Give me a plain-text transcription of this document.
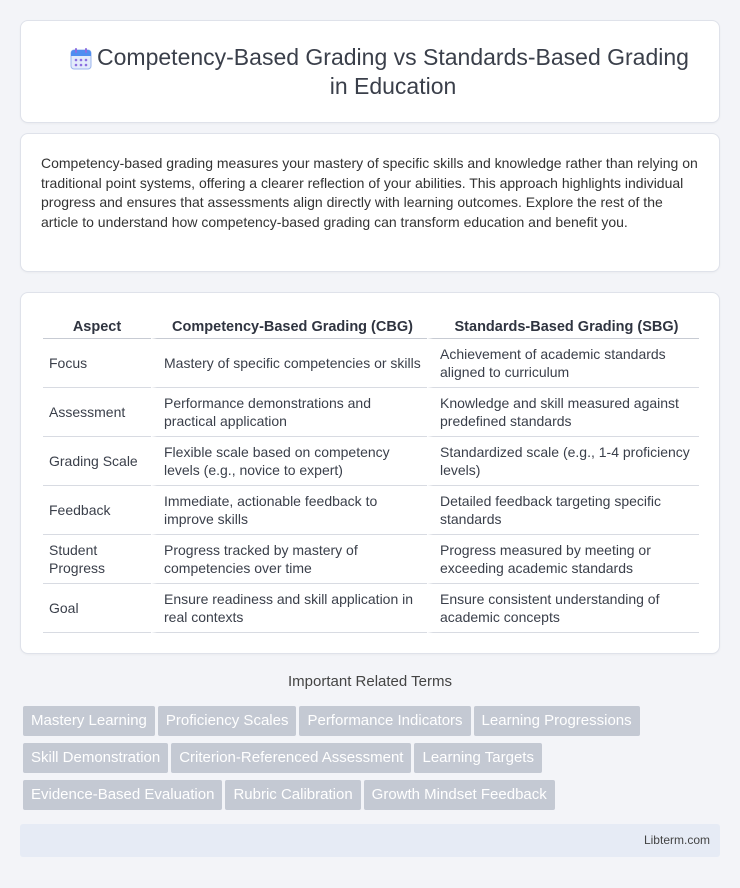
Competency-Based Grading vs Standards-Based Grading in Education

Competency-based grading measures your mastery of specific skills and knowledge rather than relying on traditional point systems, offering a clearer reflection of your abilities. This approach highlights individual progress and ensures that assessments align directly with learning outcomes. Explore the rest of the article to understand how competency-based grading can transform education and benefit you.

Aspect	Competency-Based Grading (CBG)	Standards-Based Grading (SBG)
Focus	Mastery of specific competencies or skills	Achievement of academic standards aligned to curriculum
Assessment	Performance demonstrations and practical application	Knowledge and skill measured against predefined standards
Grading Scale	Flexible scale based on competency levels (e.g., novice to expert)	Standardized scale (e.g., 1-4 proficiency levels)
Feedback	Immediate, actionable feedback to improve skills	Detailed feedback targeting specific standards
Student Progress	Progress tracked by mastery of competencies over time	Progress measured by meeting or exceeding academic standards
Goal	Ensure readiness and skill application in real contexts	Ensure consistent understanding of academic concepts
Important Related Terms
Mastery Learning Proficiency Scales Performance Indicators Learning ProgressionsSkill Demonstration Criterion-Referenced Assessment Learning TargetsEvidence-Based Evaluation Rubric Calibration Growth Mindset Feedback
Libterm.com
